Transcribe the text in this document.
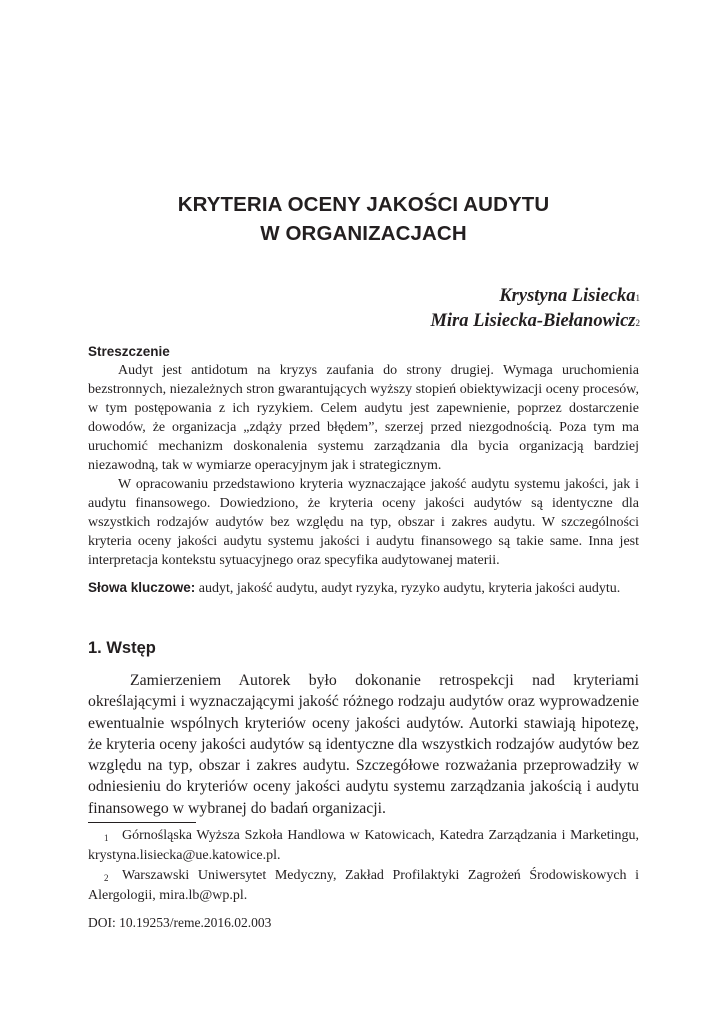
KRYTERIA OCENY JAKOŚCI AUDYTU
W ORGANIZACJACH
Krystyna Lisiecka$^1$
Mira Lisiecka-Biełanowicz$^2$
Streszczenie

Audyt jest antidotum na kryzys zaufania do strony drugiej. Wymaga uruchomienia bezstronnych, niezależnych stron gwarantujących wyższy stopień obiektywizacji oceny procesów, w tym postępowania z ich ryzykiem. Celem audytu jest zapewnienie, poprzez dostarczenie dowodów, że organizacja „zdąży przed błędem”, szerzej przed niezgodnością. Poza tym ma uruchomić mechanizm doskonalenia systemu zarządzania dla bycia organizacją bardziej niezawodną, tak w wymiarze operacyjnym jak i strategicznym.

W opracowaniu przedstawiono kryteria wyznaczające jakość audytu systemu jakości, jak i audytu finansowego. Dowiedziono, że kryteria oceny jakości audytów są identyczne dla wszystkich rodzajów audytów bez względu na typ, obszar i zakres audytu. W szczególności kryteria oceny jakości audytu systemu jakości i audytu finansowego są takie same. Inna jest interpretacja kontekstu sytuacyjnego oraz specyfika audytowanej materii.

Słowa kluczowe: audyt, jakość audytu, audyt ryzyka, ryzyko audytu, kryteria jakości audytu.
1. Wstęp

Zamierzeniem Autorek było dokonanie retrospekcji nad kryteriami określającymi i wyznaczającymi jakość różnego rodzaju audytów oraz wyprowadzenie ewentualnie wspólnych kryteriów oceny jakości audytów. Autorki stawiają hipotezę, że kryteria oceny jakości audytów są identyczne dla wszystkich rodzajów audytów bez względu na typ, obszar i zakres audytu. Szczegółowe rozważania przeprowadziły w odniesieniu do kryteriów oceny jakości audytu systemu zarządzania jakością i audytu finansowego w wybranej do badań organizacji.

1 Górnośląska Wyższa Szkoła Handlowa w Katowicach, Katedra Zarządzania i Marketingu, krystyna.lisiecka@ue.katowice.pl.

2 Warszawski Uniwersytet Medyczny, Zakład Profilaktyki Zagrożeń Środowiskowych i Alergologii, mira.lb@wp.pl.

DOI: 10.19253/reme.2016.02.003
